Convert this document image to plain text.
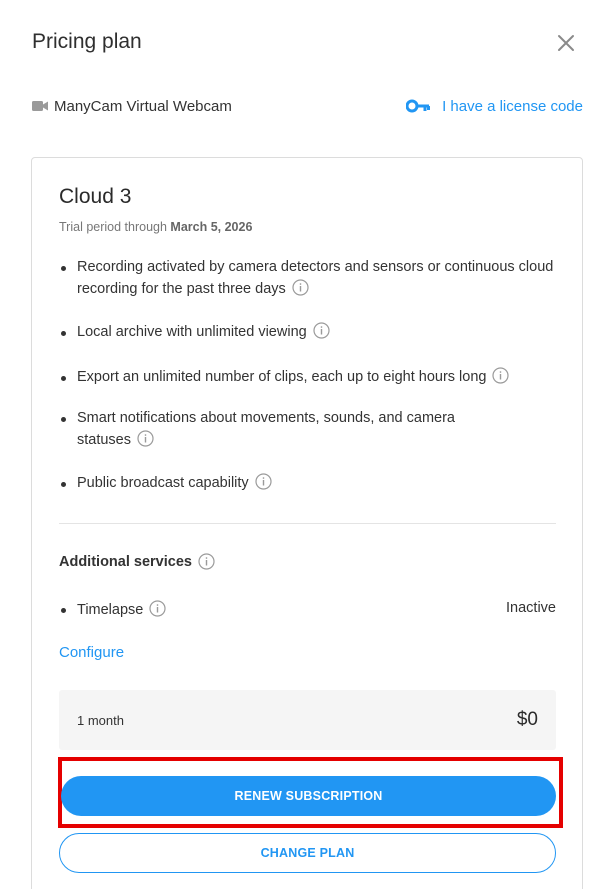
Pricing plan
ManyCam Virtual Webcam	I have a license code
Cloud 3
Trial period through March 5, 2026
Recording activated by camera detectors and sensors or continuous cloud recording for the past three days
Local archive with unlimited viewing
Export an unlimited number of clips, each up to eight hours long
Smart notifications about movements, sounds, and camera statuses
Public broadcast capability
Additional services
Timelapse	Inactive
Configure
1 month	$0
RENEW SUBSCRIPTION
CHANGE PLAN
